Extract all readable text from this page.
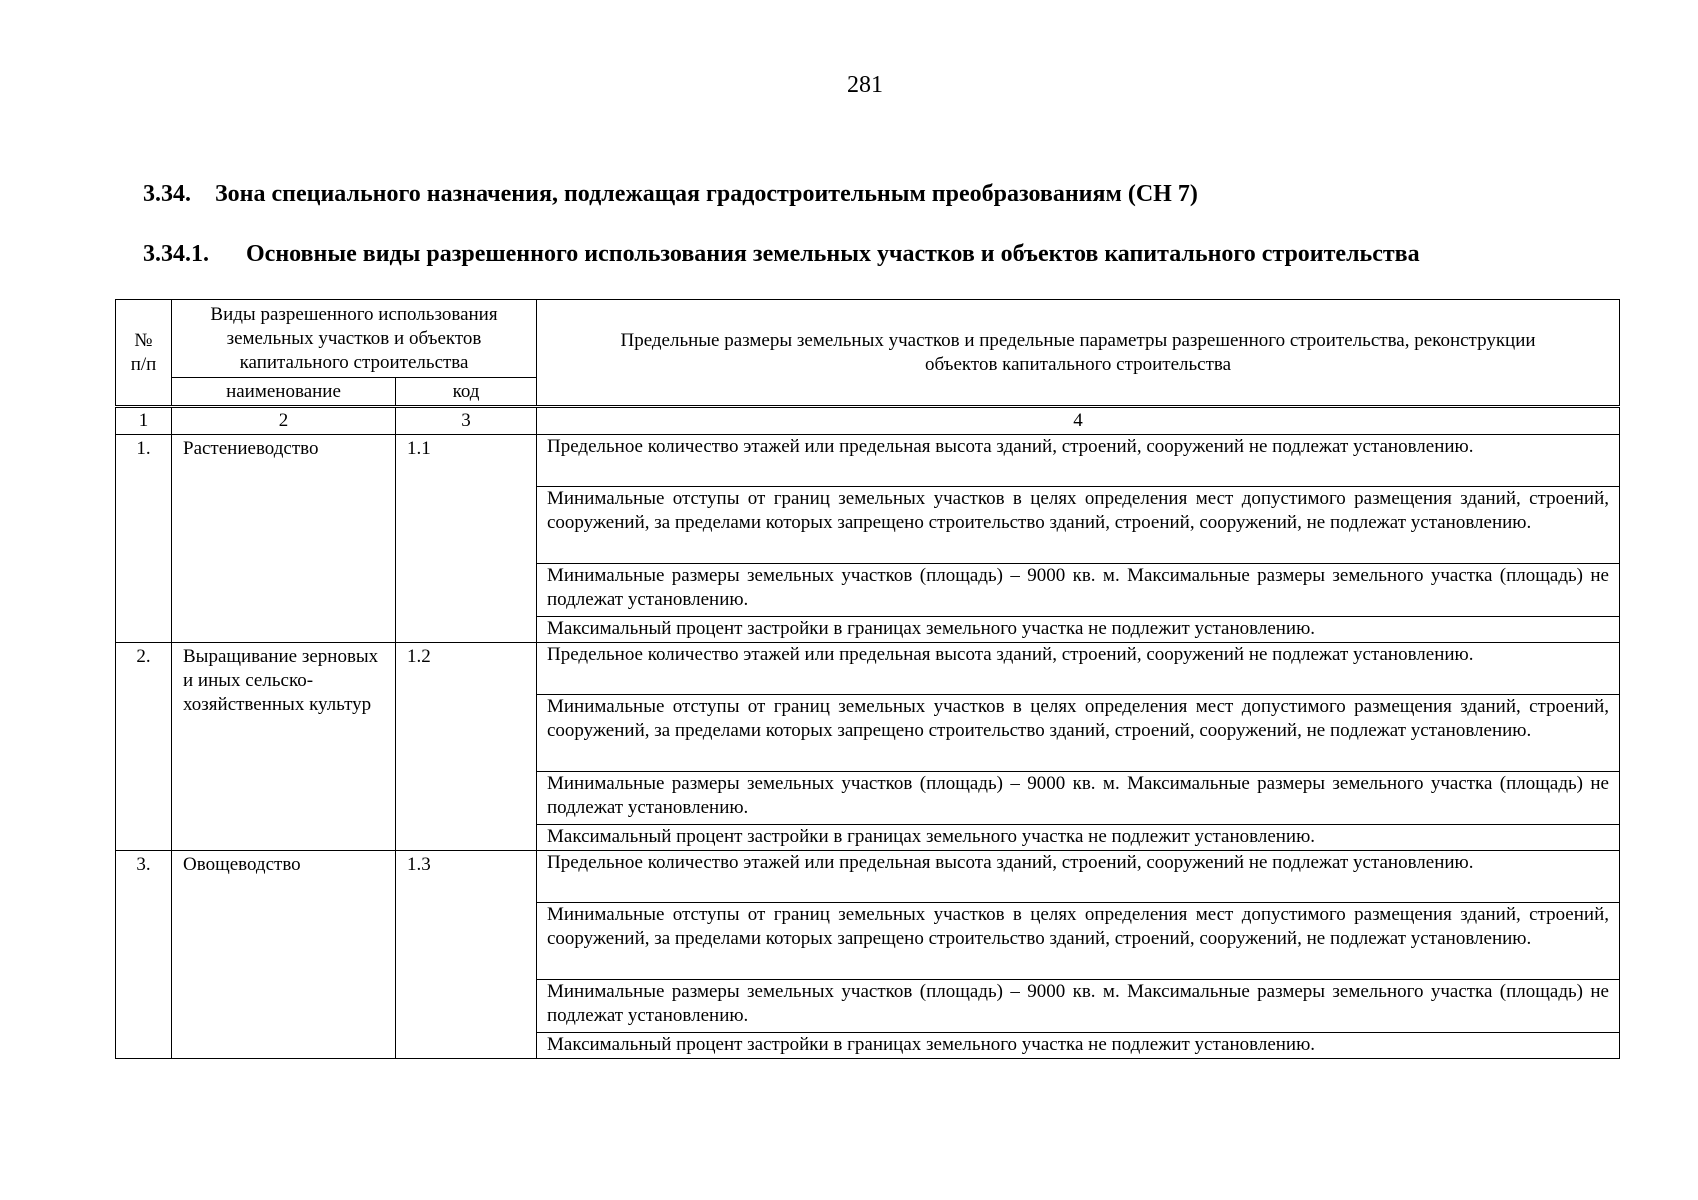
281
3.34. Зона специального назначения, подлежащая градостроительным преобразованиям (СН 7)
3.34.1. Основные виды разрешенного использования земельных участков и объектов капитального строительства
№ п/п	Виды разрешенного использования земельных участков и объектов капитального строительства		Предельные размеры земельных участков и предельные параметры разрешенного строительства, реконструкции объектов капитального строительства

	наименование	код	
1	2	3	4
1.	Растениеводство	1.1	Предельное количество этажей или предельная высота зданий, строений, сооружений не подлежат установлению.
			Минимальные отступы от границ земельных участков в целях определения мест допустимого размещения зданий, строений, сооружений, за пределами которых запрещено строительство зданий, строений, сооружений, не подлежат установлению.
			Минимальные размеры земельных участков (площадь) – 9000 кв. м. Максимальные размеры земельного участка (площадь) не подлежат установлению.
			Максимальный процент застройки в границах земельного участка не подлежит установлению.
2.	Выращивание зерновых и иных сельско-хозяйственных культур	1.2	Предельное количество этажей или предельная высота зданий, строений, сооружений не подлежат установлению.
			Минимальные отступы от границ земельных участков в целях определения мест допустимого размещения зданий, строений, сооружений, за пределами которых запрещено строительство зданий, строений, сооружений, не подлежат установлению.
			Минимальные размеры земельных участков (площадь) – 9000 кв. м. Максимальные размеры земельного участка (площадь) не подлежат установлению.
			Максимальный процент застройки в границах земельного участка не подлежит установлению.
3.	Овощеводство	1.3	Предельное количество этажей или предельная высота зданий, строений, сооружений не подлежат установлению.
			Минимальные отступы от границ земельных участков в целях определения мест допустимого размещения зданий, строений, сооружений, за пределами которых запрещено строительство зданий, строений, сооружений, не подлежат установлению.
			Минимальные размеры земельных участков (площадь) – 9000 кв. м. Максимальные размеры земельного участка (площадь) не подлежат установлению.
			Максимальный процент застройки в границах земельного участка не подлежит установлению.
